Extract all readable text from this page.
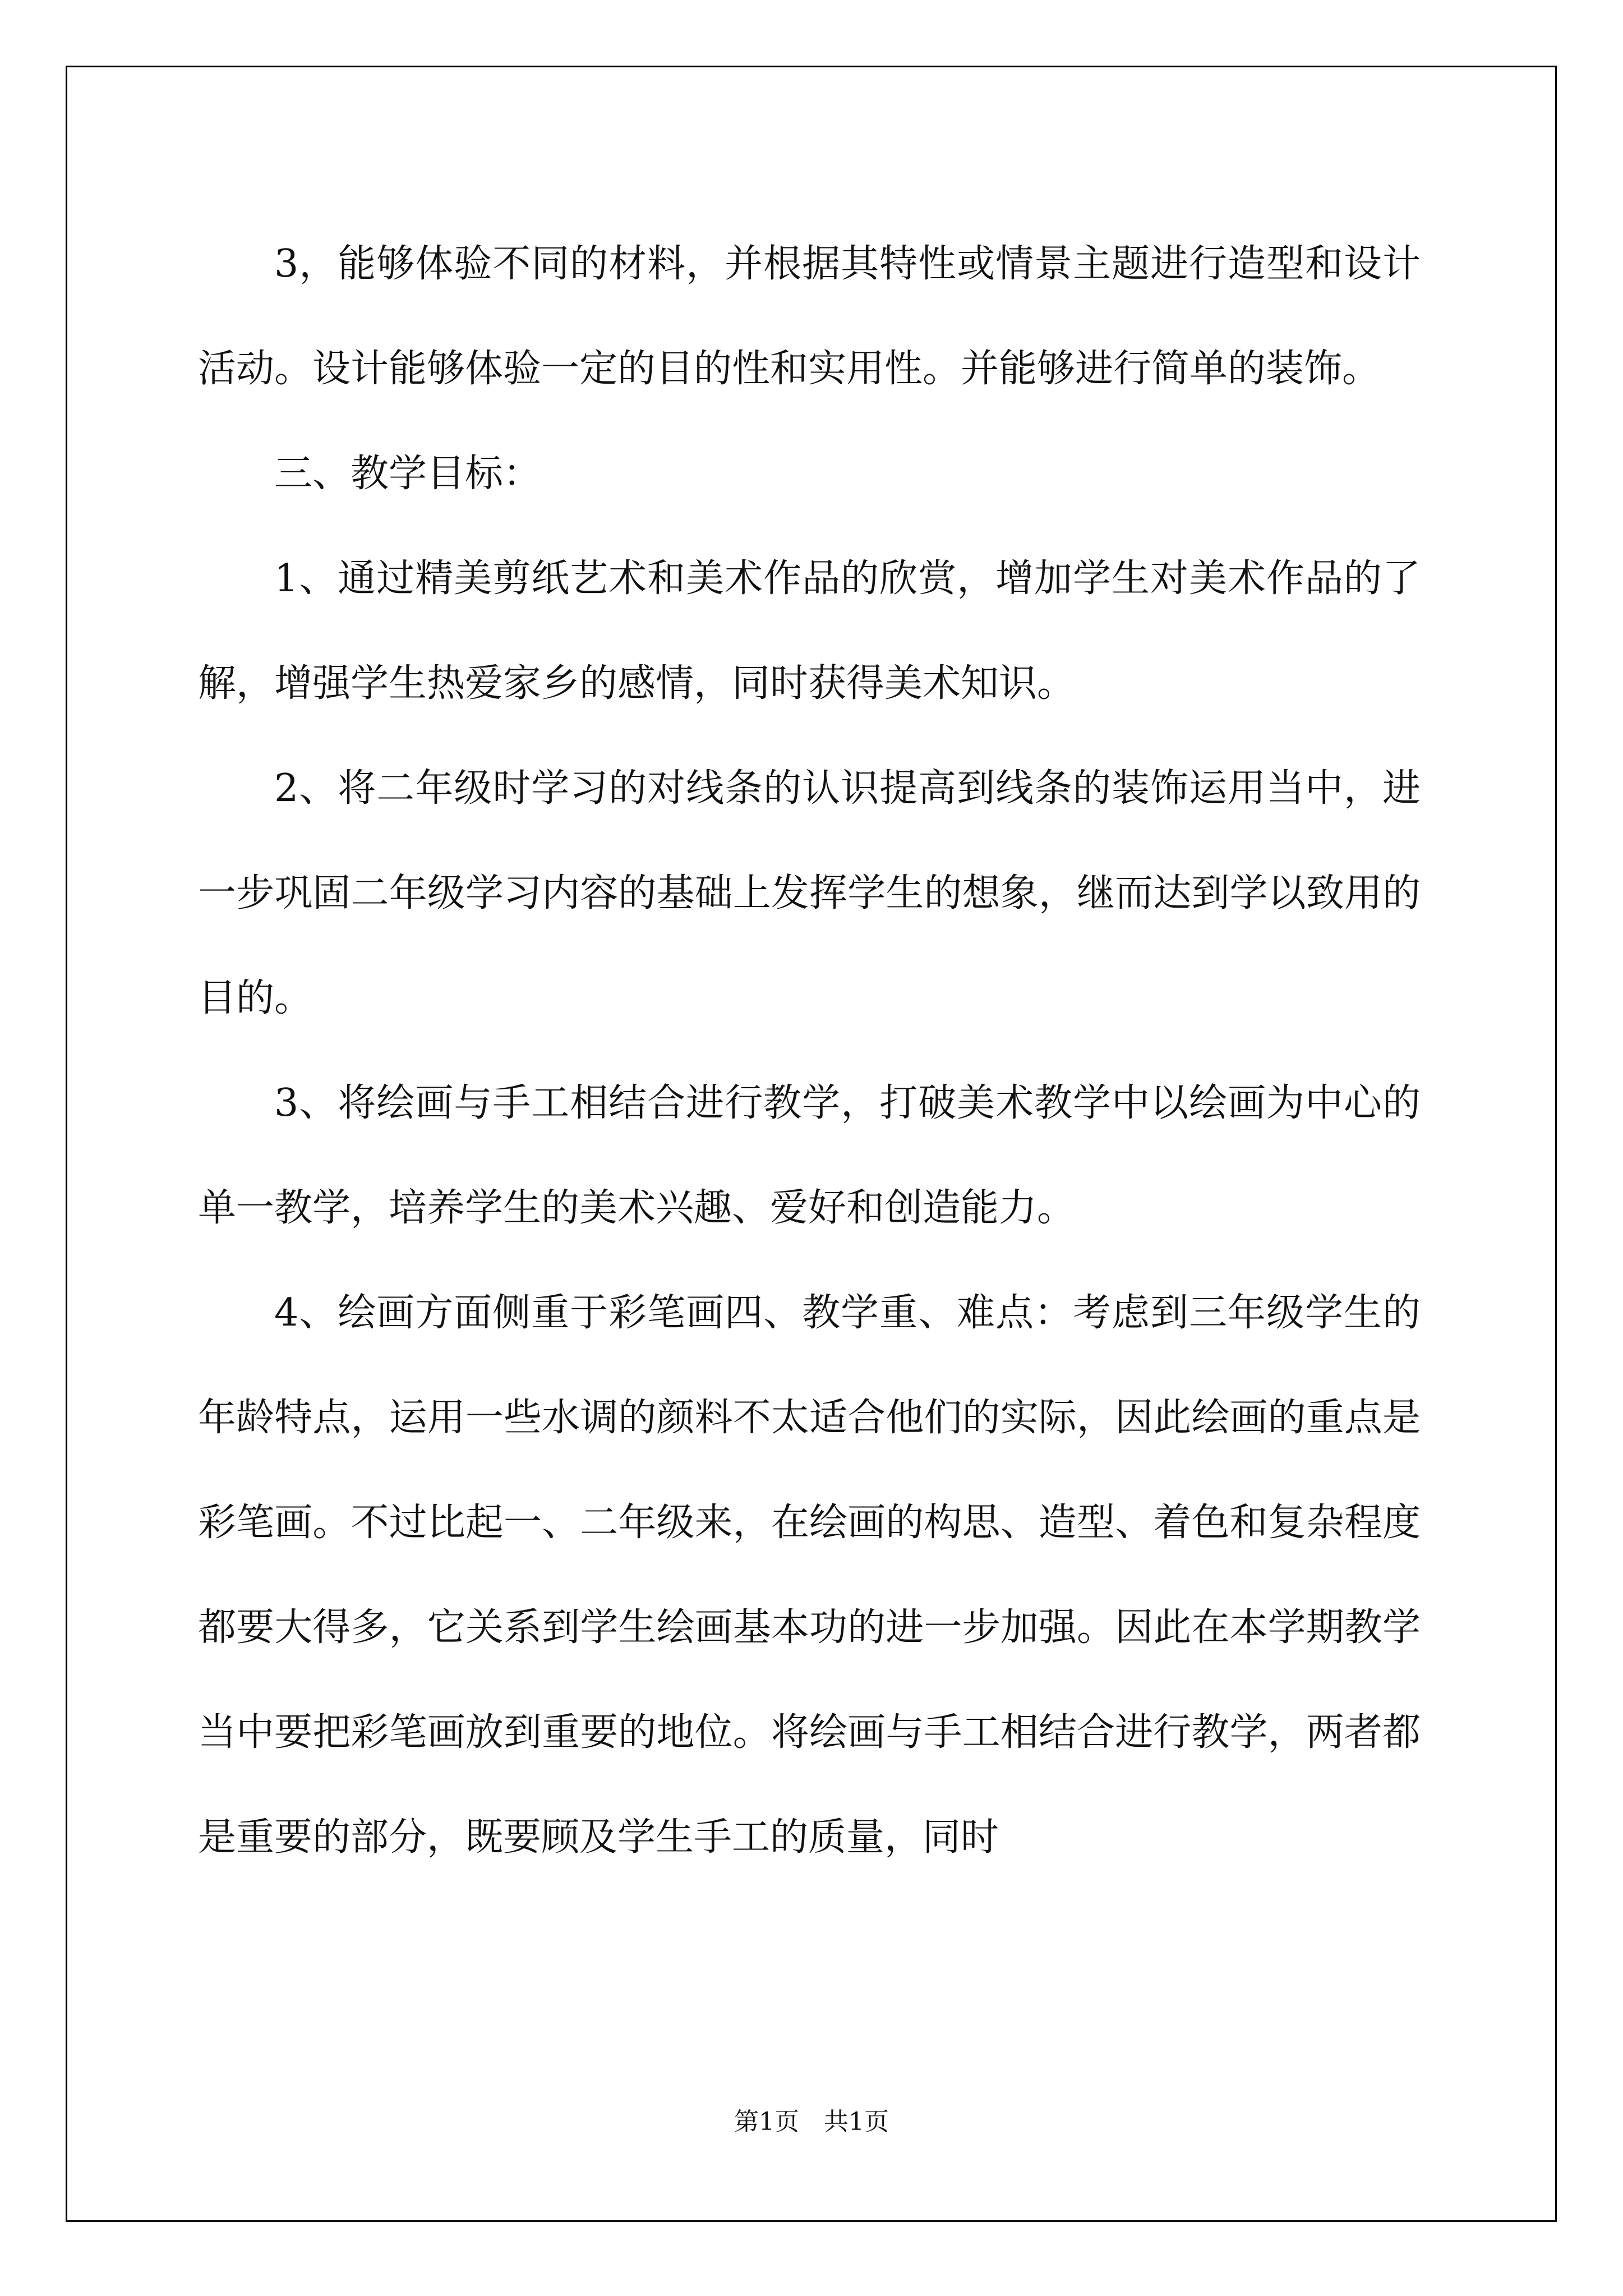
3，能够体验不同的材料，并根据其特性或情景主题进行造型和设计活动。设计能够体验一定的目的性和实用性。并能够进行简单的装饰。

三、教学目标：

1、通过精美剪纸艺术和美术作品的欣赏，增加学生对美术作品的了解，增强学生热爱家乡的感情，同时获得美术知识。

2、将二年级时学习的对线条的认识提高到线条的装饰运用当中，进一步巩固二年级学习内容的基础上发挥学生的想象，继而达到学以致用的目的。

3、将绘画与手工相结合进行教学，打破美术教学中以绘画为中心的单一教学，培养学生的美术兴趣、爱好和创造能力。

4、绘画方面侧重于彩笔画四、教学重、难点：考虑到三年级学生的年龄特点，运用一些水调的颜料不太适合他们的实际，因此绘画的重点是彩笔画。不过比起一、二年级来，在绘画的构思、造型、着色和复杂程度都要大得多，它关系到学生绘画基本功的进一步加强。因此在本学期教学当中要把彩笔画放到重要的地位。将绘画与手工相结合进行教学，两者都是重要的部分，既要顾及学生手工的质量，同时

第1页　共1页
